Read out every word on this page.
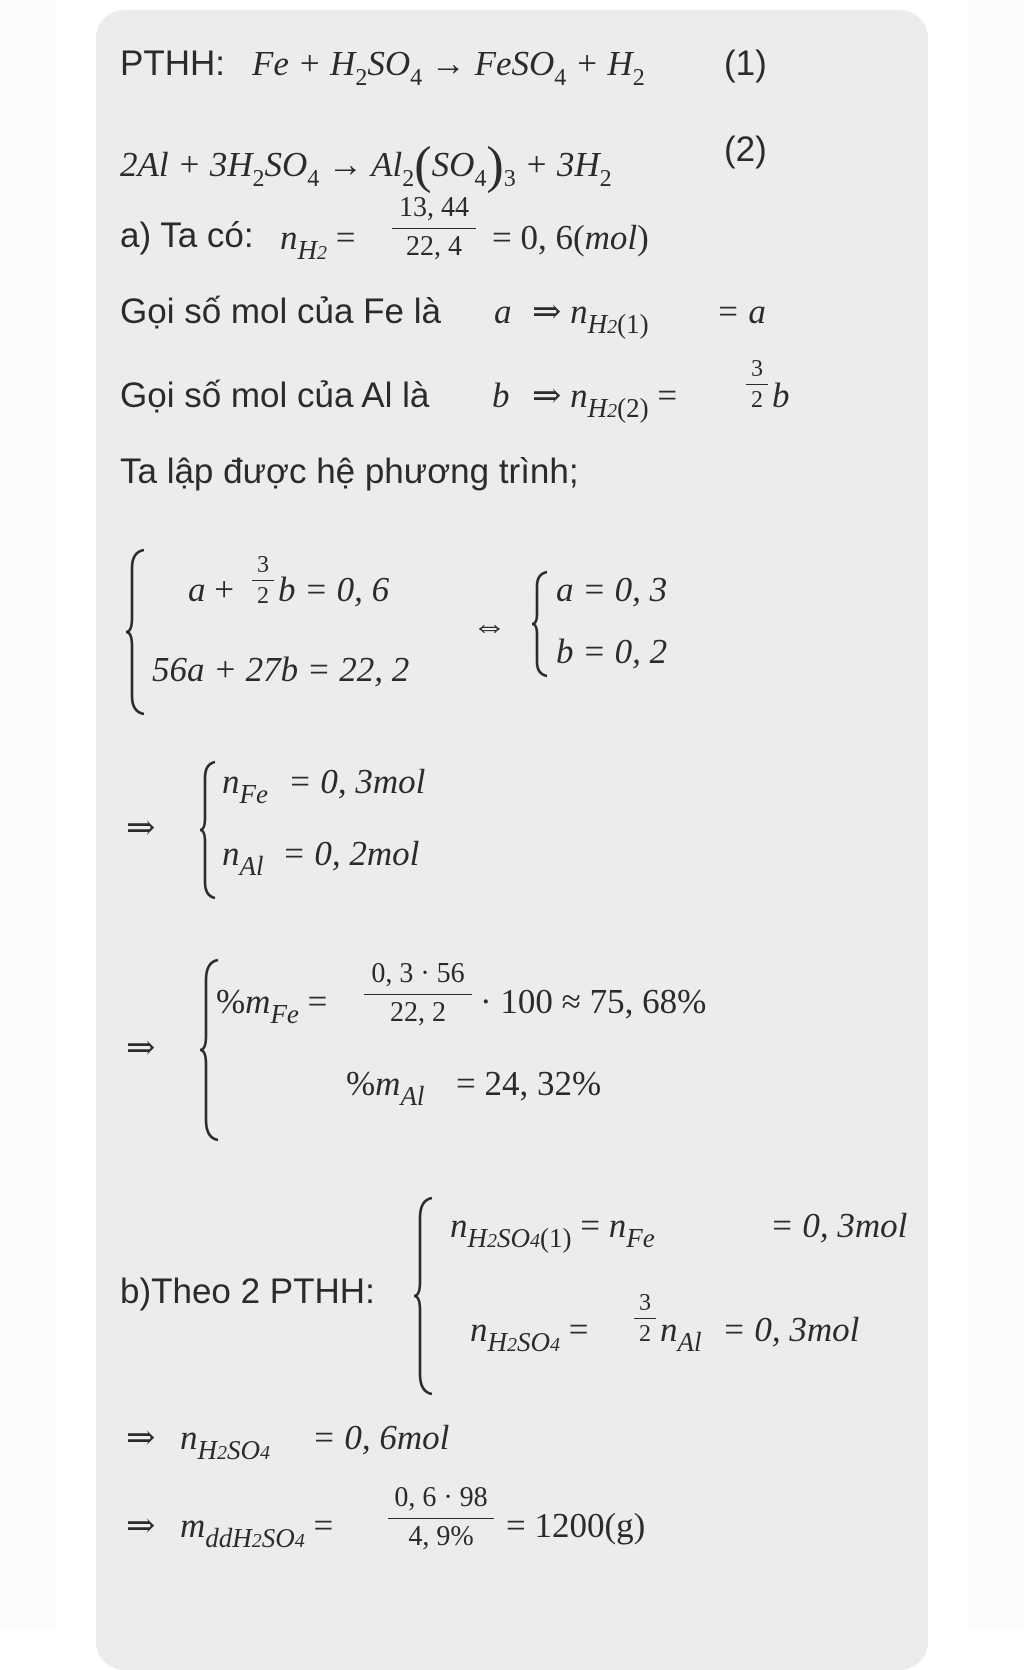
PTHH: $Fe + H_2SO_4$ → FeSO$_4$ + $H_2$ (1)
$2Al + 3H_2SO_4 \to Al_2(SO_4)_3 + 3H_2$
(2)
a) Ta có: $n_{H2}$ =
13, 44
22, 4 = 0, 6(mol)
Gọi số mol của Fe là a ⇒ $n_{H2(1)} = a$
Gọi số mol của Al là b ⇒ $n_{H2(2)}$ =
3
2 b
Ta lập được hệ phương trình;
a +
3
2 b = 0, 6
56a + 27b = 22, 2
⇔
a = 0, 3
b = 0, 2
⇒
$n_{Fe} = 0$, 3mol
$n_{Al} = 0$, 2mol
⇒
$\%m_{Fe}$ =
0, 3 · 56
22, 2 · 100 ≈ 75, 68%
$\%m_{Al} = 24$, 32%
b)Theo 2 PTHH:
$n_{H2SO4(1)} = n_{Fe}$	= 0, 3mol
$n_{H2SO4}$ =
3
2 $n_{Al} = 0$, 3mol
⇒ $n_{H2SO4} = 0$, 6mol
⇒ $m_{ddH2SO4}$ =
0, 6 · 98
4, 9% = 1200(g)
